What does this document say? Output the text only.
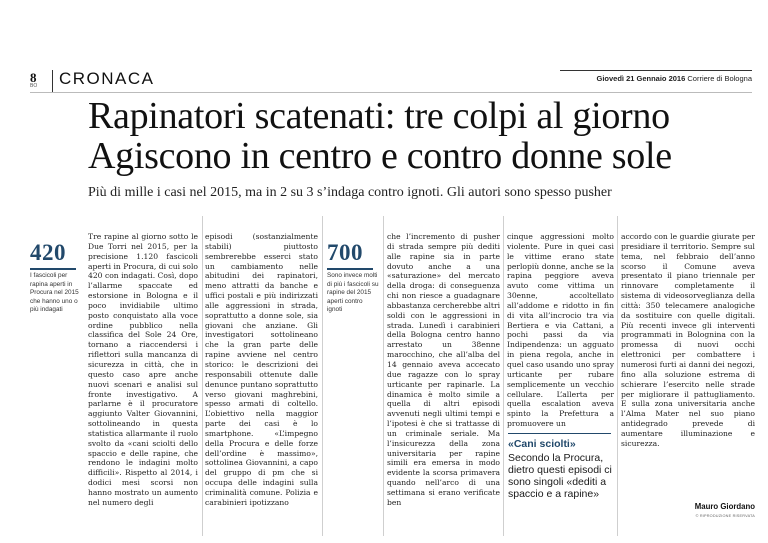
8
BO CRONACA	Giovedì 21 Gennaio 2016 Corriere di Bologna
Rapinatori scatenati: tre colpi al giorno
Agiscono in centro e contro donne sole

Più di mille i casi nel 2015, ma in 2 su 3 s’indaga contro ignoti. Gli autori sono spesso pusher

420
I fascicoli per rapina aperti in Procura nel 2015 che hanno uno o più indagati

Tre rapine al giorno sotto le Due Torri nel 2015, per la precisione 1.120 fascicoli aperti in Procura, di cui solo 420 con indagati. Così, dopo l’allarme spaccate ed estorsione in Bologna e il poco invidiabile ultimo posto conquistato alla voce ordine pubblico nella classifica del Sole 24 Ore, tornano a riaccendersi i riflettori sulla mancanza di sicurezza in città, che in questo caso apre anche nuovi scenari e analisi sul fronte investigativo. A parlarne è il procuratore aggiunto Valter Giovannini, sottolineando in questa statistica allarmante il ruolo svolto da «cani sciolti dello spaccio e delle rapine, che rendono le indagini molto difficili». Rispetto al 2014, i dodici mesi scorsi non hanno mostrato un aumento nel numero degli

episodi (sostanzialmente stabili) piuttosto sembrerebbe esserci stato un cambiamento nelle abitudini dei rapinatori, meno attratti da banche e uffici postali e più indirizzati alle aggressioni in strada, soprattutto a donne sole, sia giovani che anziane. Gli investigatori sottolineano che la gran parte delle rapine avviene nel centro storico: le descrizioni dei responsabili ottenute dalle denunce puntano soprattutto verso giovani maghrebini, spesso armati di coltello. L’obiettivo nella maggior parte dei casi è lo smartphone. «L’impegno della Procura e delle forze dell’ordine è massimo», sottolinea Giovannini, a capo del gruppo di pm che si occupa delle indagini sulla criminalità comune. Polizia e carabinieri ipotizzano

700
Sono invece molti di più i fascicoli su rapine del 2015 aperti contro ignoti

che l’incremento di pusher di strada sempre più dediti alle rapine sia in parte dovuto anche a una «saturazione» del mercato della droga: di conseguenza chi non riesce a guadagnare abbastanza cercherebbe altri soldi con le aggressioni in strada. Lunedì i carabinieri della Bologna centro hanno arrestato un 38enne marocchino, che all’alba del 14 gennaio aveva accecato due ragazze con lo spray urticante per rapinarle. La dinamica è molto simile a quella di altri episodi avvenuti negli ultimi tempi e l’ipotesi è che si trattasse di un criminale seriale. Ma l’insicurezza della zona universitaria per rapine simili era emersa in modo evidente la scorsa primavera quando nell’arco di una settimana si erano verificate ben

cinque aggressioni molto violente. Pure in quei casi le vittime erano state perlopiù donne, anche se la rapina peggiore aveva avuto come vittima un 30enne, accoltellato all’addome e ridotto in fin di vita all’incrocio tra via Bertiera e via Cattani, a pochi passi da via Indipendenza: un agguato in piena regola, anche in quel caso usando uno spray urticante per rubare semplicemente un vecchio cellulare. L’allerta per quella escalation aveva spinto la Prefettura a promuovere un

«Cani sciolti»
Secondo la Procura, dietro questi episodi ci sono singoli «dediti a spaccio e a rapine»

accordo con le guardie giurate per presidiare il territorio. Sempre sul tema, nel febbraio dell’anno scorso il Comune aveva presentato il piano triennale per rinnovare completamente il sistema di videosorveglianza della città: 350 telecamere analogiche da sostituire con quelle digitali. Più recenti invece gli interventi programmati in Bolognina con la promessa di nuovi occhi elettronici per combattere i numerosi furti ai danni dei negozi, fino alla soluzione estrema di schierare l’esercito nelle strade per migliorare il pattugliamento. E sulla zona universitaria anche l’Alma Mater nel suo piano antidegrado prevede di aumentare illuminazione e sicurezza.

Mauro Giordano
© RIPRODUZIONE RISERVATA
